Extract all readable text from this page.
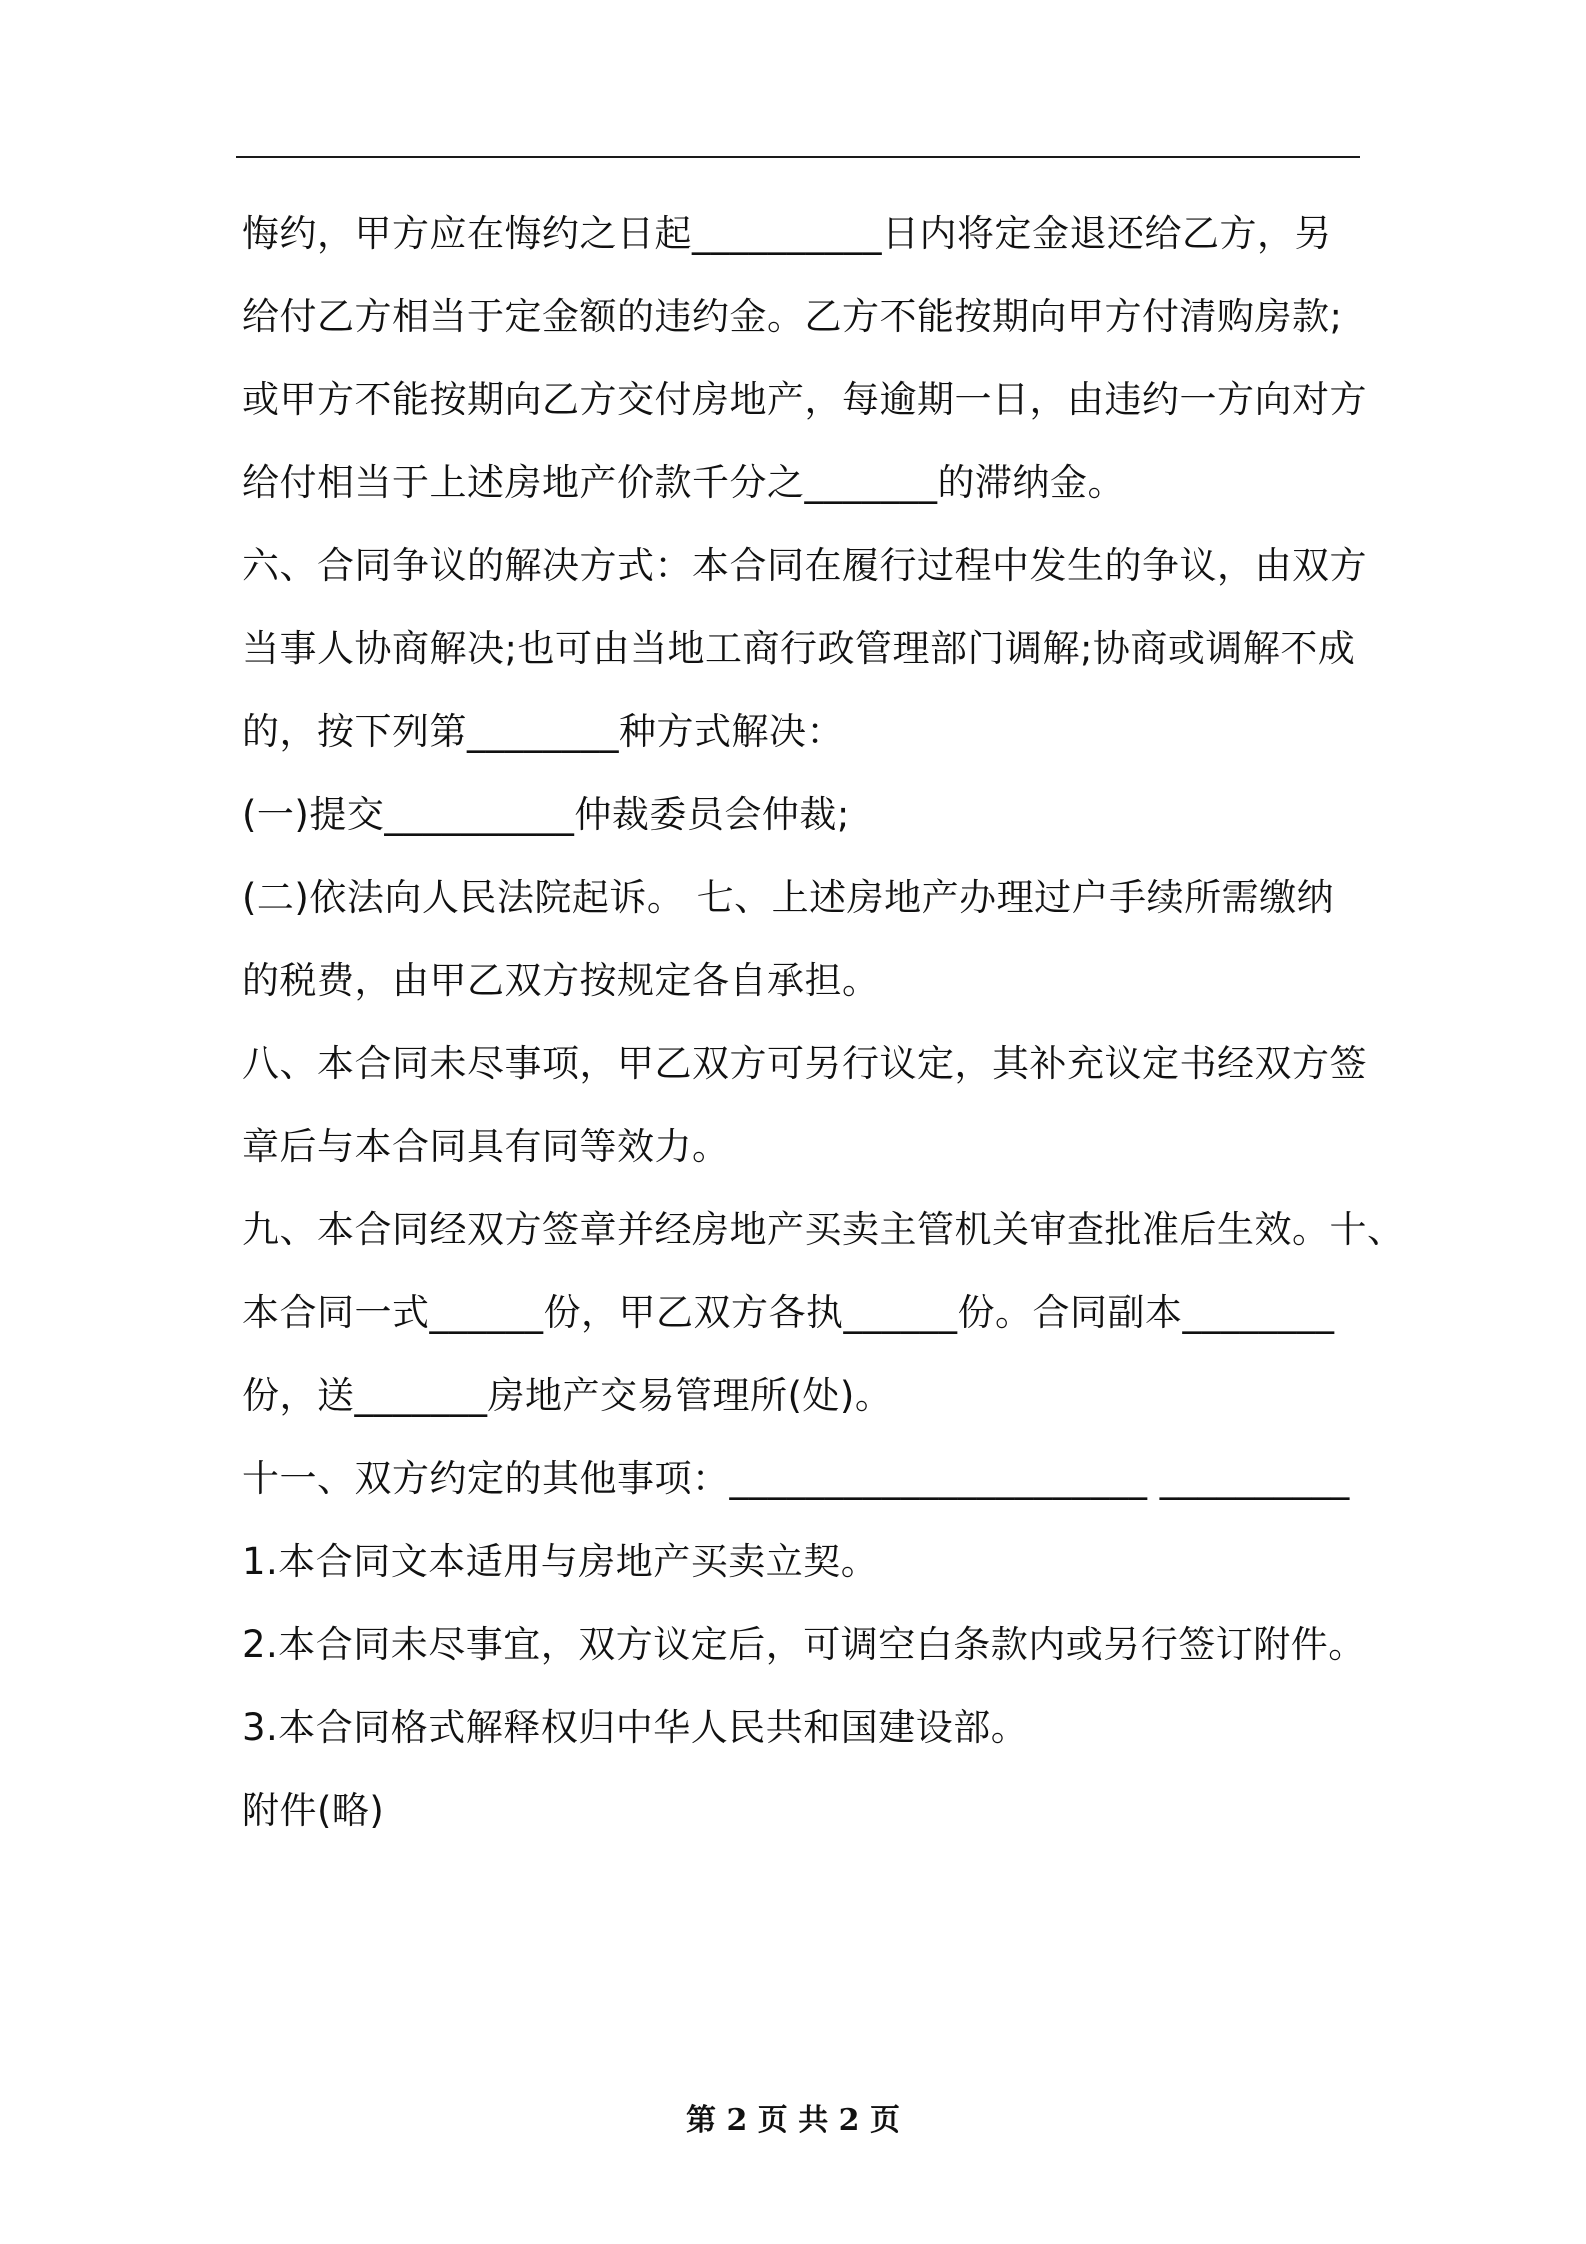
悔约，甲方应在悔约之日起__________日内将定金退还给乙方，另
给付乙方相当于定金额的违约金。乙方不能按期向甲方付清购房款;
或甲方不能按期向乙方交付房地产，每逾期一日，由违约一方向对方
给付相当于上述房地产价款千分之_______的滞纳金。
六、合同争议的解决方式：本合同在履行过程中发生的争议，由双方
当事人协商解决;也可由当地工商行政管理部门调解;协商或调解不成
的，按下列第________种方式解决：
(一)提交__________仲裁委员会仲裁;
(二)依法向人民法院起诉。 七、上述房地产办理过户手续所需缴纳
的税费，由甲乙双方按规定各自承担。
八、本合同未尽事项，甲乙双方可另行议定，其补充议定书经双方签
章后与本合同具有同等效力。
九、本合同经双方签章并经房地产买卖主管机关审查批准后生效。十、
本合同一式______份，甲乙双方各执______份。合同副本________
份，送_______房地产交易管理所(处)。
十一、双方约定的其他事项：______________________ __________
1.本合同文本适用与房地产买卖立契。
2.本合同未尽事宜，双方议定后，可调空白条款内或另行签订附件。
3.本合同格式解释权归中华人民共和国建设部。
附件(略)
第 2 页 共 2 页
